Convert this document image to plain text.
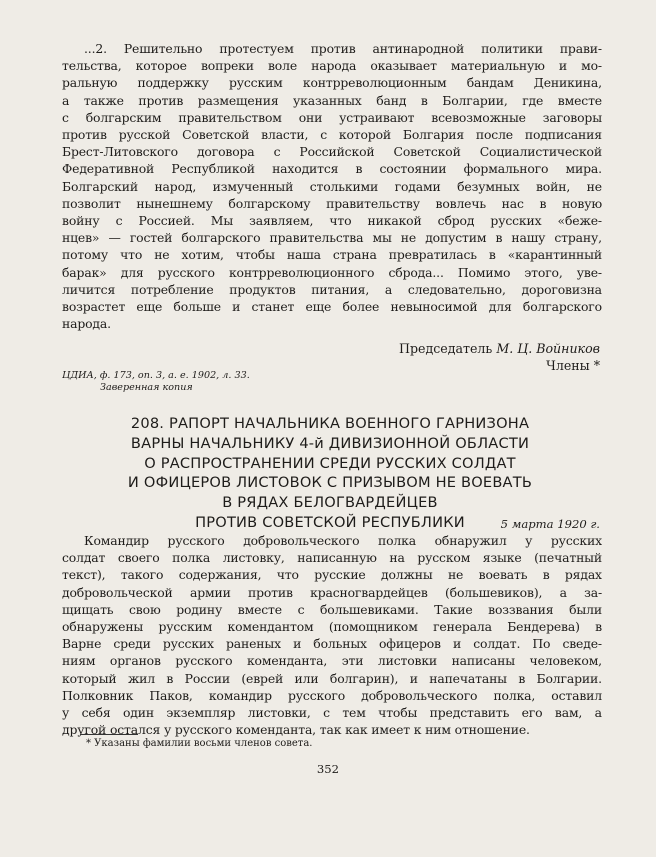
...2. Решительно протестуем против антинародной политики прави-
тельства, которое вопреки воле народа оказывает материальную и мо-
ральную поддержку русским контрреволюционным бандам Деникина,
а также против размещения указанных банд в Болгарии, где вместе
с болгарским правительством они устраивают всевозможные заговоры
против русской Советской власти, с которой Болгария после подписания
Брест-Литовского договора с Российской Советской Социалистической
Федеративной Республикой находится в состоянии формального мира.
Болгарский народ, измученный столькими годами безумных войн, не
позволит нынешнему болгарскому правительству вовлечь нас в новую
войну с Россией. Мы заявляем, что никакой сброд русских «беже-
нцев» — гостей болгарского правительства мы не допустим в нашу страну,
потому что не хотим, чтобы наша страна превратилась в «карантинный
барак» для русского контрреволюционного сброда... Помимо этого, уве-
личится потребление продуктов питания, а следовательно, дороговизна
возрастет еще больше и станет еще более невыносимой для болгарского
народа.
Председатель М. Ц. Войников
Члены *
ЦДИА, ф. 173, оп. 3, а. е. 1902, л. 33.
Заверенная копия
208. РАПОРТ НАЧАЛЬНИКА ВОЕННОГО ГАРНИЗОНА
ВАРНЫ НАЧАЛЬНИКУ 4-й ДИВИЗИОННОЙ ОБЛАСТИ
О РАСПРОСТРАНЕНИИ СРЕДИ РУССКИХ СОЛДАТ
И ОФИЦЕРОВ ЛИСТОВОК С ПРИЗЫВОМ НЕ ВОЕВАТЬ
В РЯДАХ БЕЛОГВАРДЕЙЦЕВ
ПРОТИВ СОВЕТСКОЙ РЕСПУБЛИКИ	5 марта 1920 г.
Командир русского добровольческого полка обнаружил у русских
солдат своего полка листовку, написанную на русском языке (печатный
текст), такого содержания, что русские должны не воевать в рядах
добровольческой армии против красногвардейцев (большевиков), а за-
щищать свою родину вместе с большевиками. Такие воззвания были
обнаружены русским комендантом (помощником генерала Бендерева) в
Варне среди русских раненых и больных офицеров и солдат. По сведе-
ниям органов русского коменданта, эти листовки написаны человеком,
который жил в России (еврей или болгарин), и напечатаны в Болгарии.
Полковник Паков, командир русского добровольческого полка, оставил
у себя один экземпляр листовки, с тем чтобы представить его вам, а
другой остался у русского коменданта, так как имеет к ним отношение.
* Указаны фамилии восьми членов совета.
352
